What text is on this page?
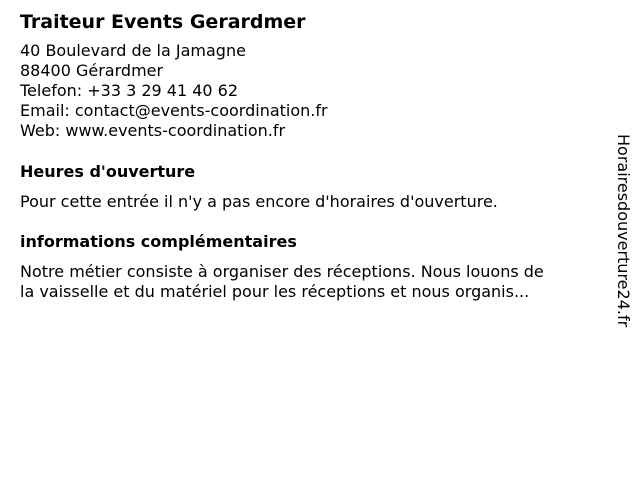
Traiteur Events Gerardmer
40 Boulevard de la Jamagne
88400 Gérardmer
Telefon: +33 3 29 41 40 62
Email: contact@events-coordination.fr
Web: www.events-coordination.fr
Heures d'ouverture
Pour cette entrée il n'y a pas encore d'horaires d'ouverture.
informations complémentaires
Notre métier consiste à organiser des réceptions. Nous louons de
la vaisselle et du matériel pour les réceptions et nous organis...	Horairesdouverture24.fr
